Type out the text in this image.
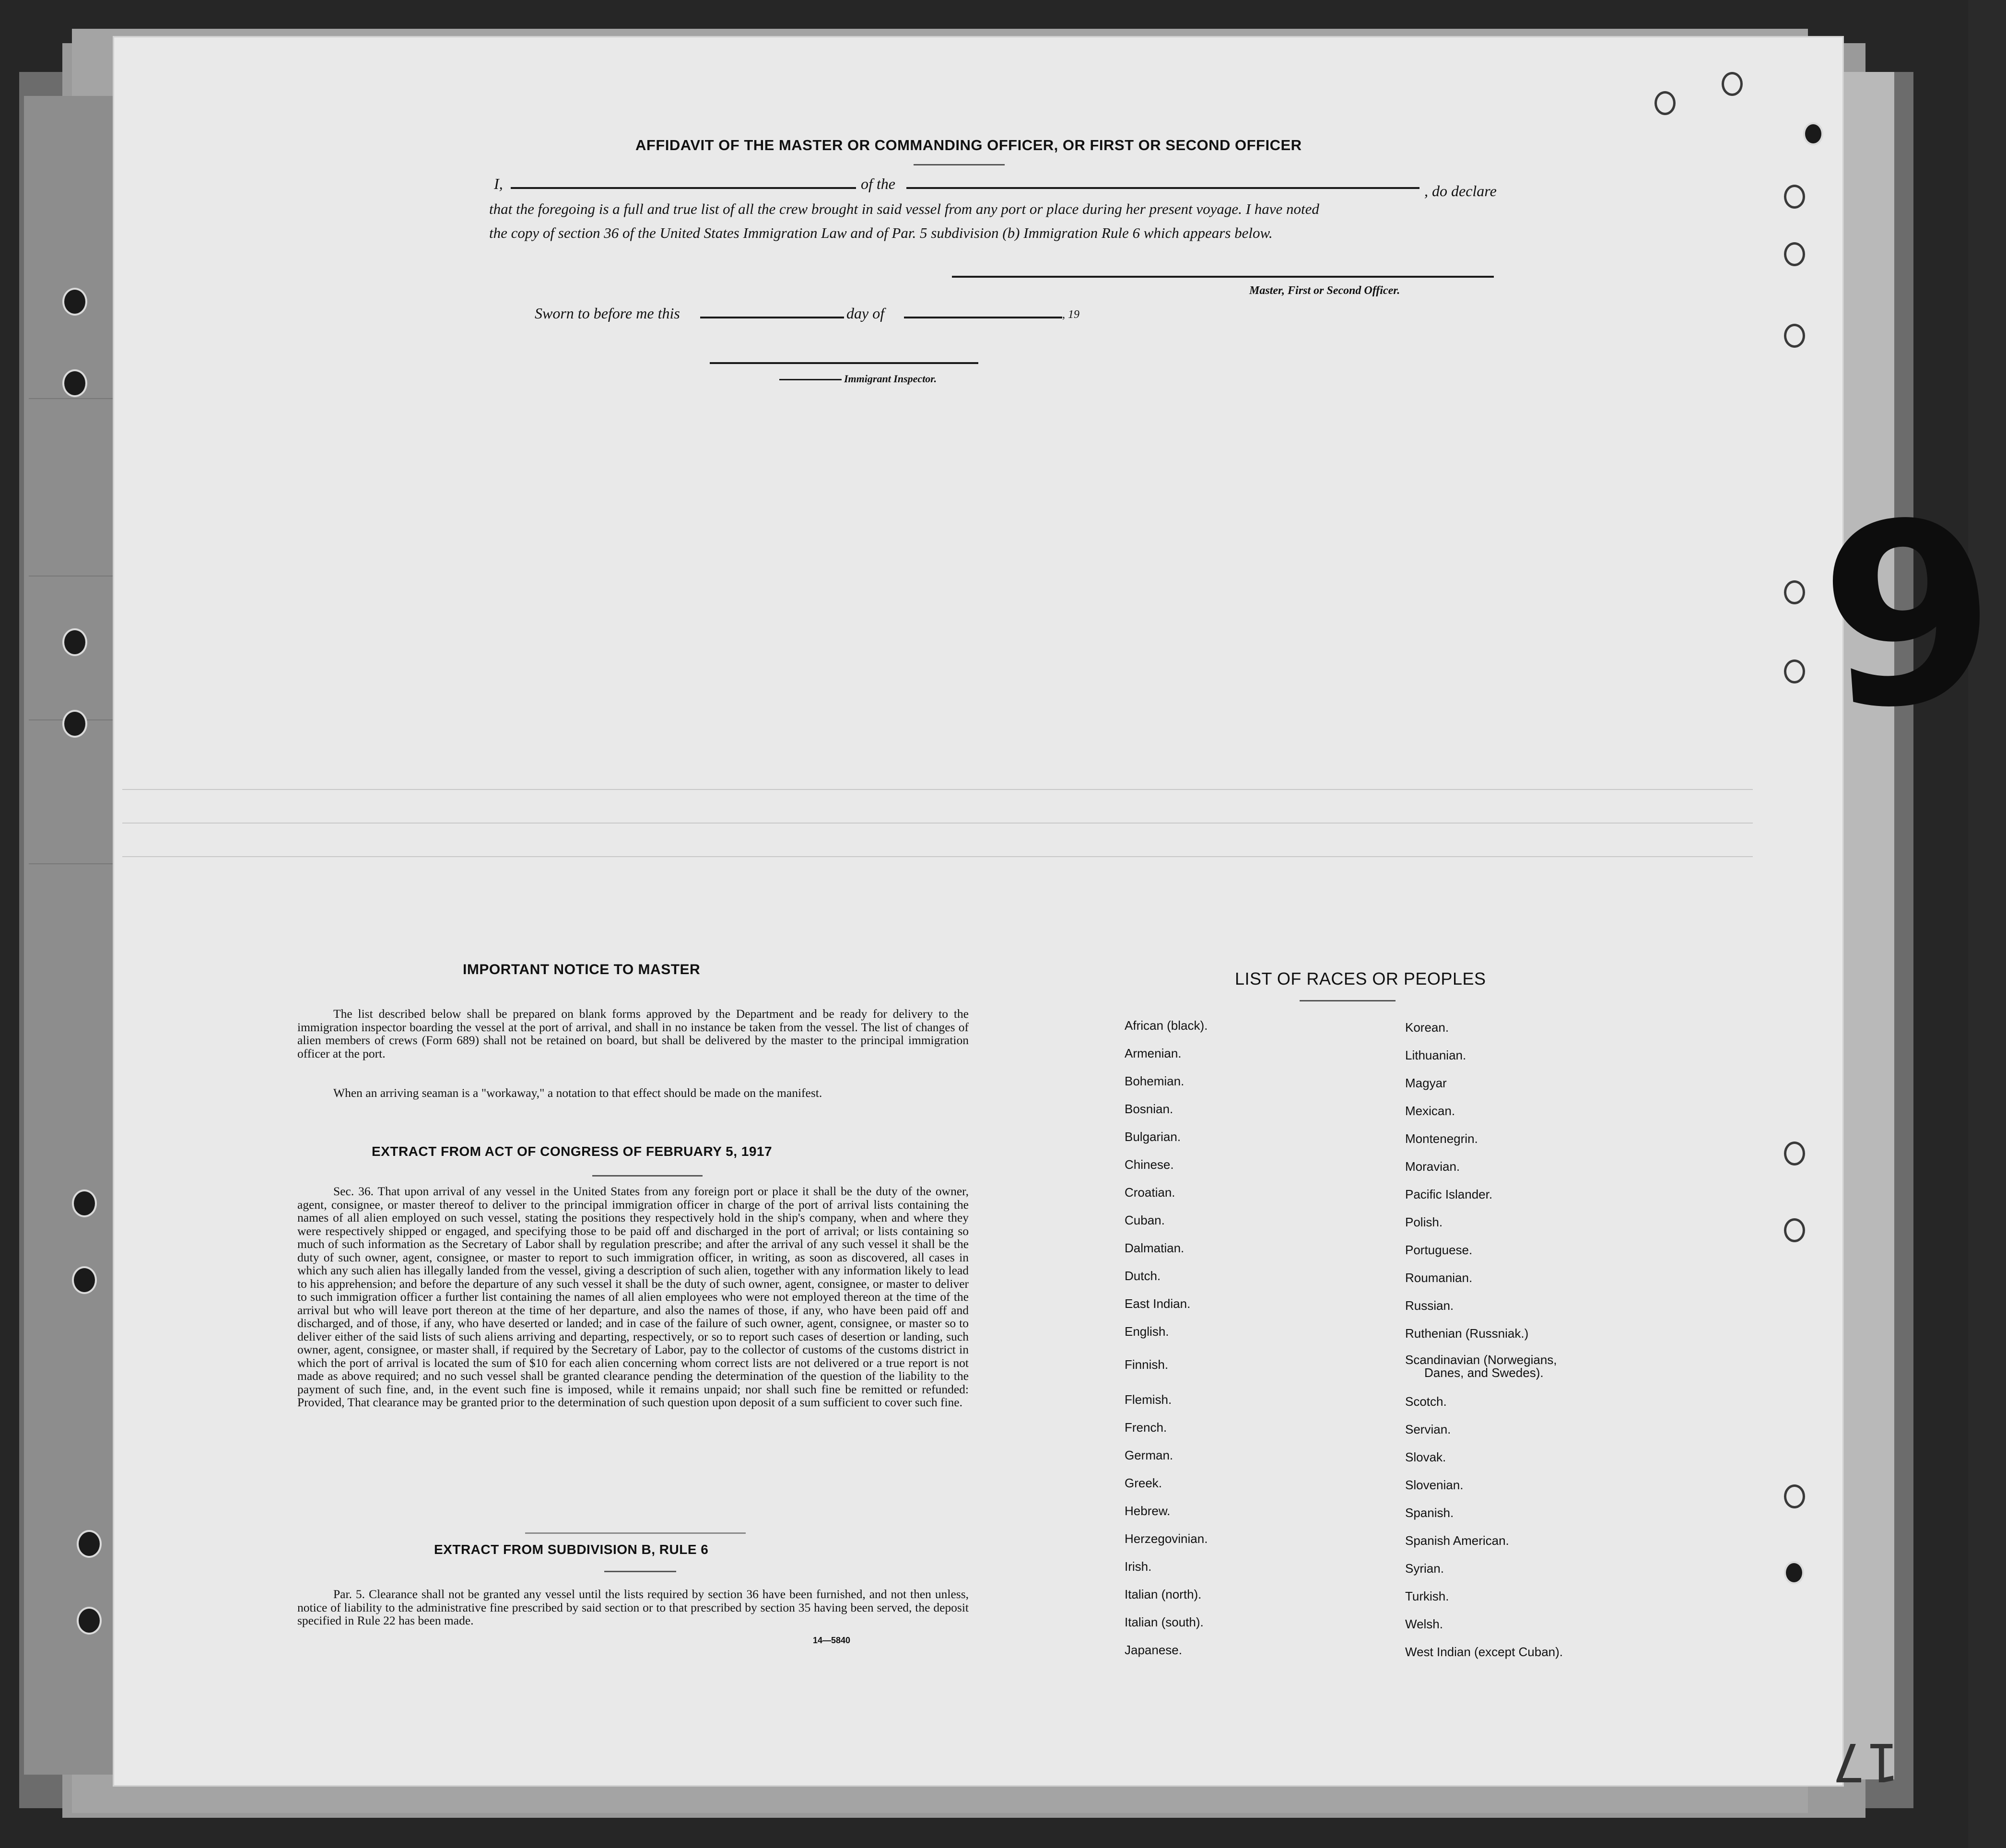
AFFIDAVIT OF THE MASTER OR COMMANDING OFFICER, OR FIRST OR SECOND OFFICER
I,	of the	, do declare
that the foregoing is a full and true list of all the crew brought in said vessel from any port or place during her present voyage. I have noted
the copy of section 36 of the United States Immigration Law and of Par. 5 subdivision (b) Immigration Rule 6 which appears below.
Master, First or Second Officer.
Sworn to before me this	day of	, 19
Immigrant Inspector.
IMPORTANT NOTICE TO MASTER
The list described below shall be prepared on blank forms approved by the Department and be ready for delivery to the immigration inspector boarding the vessel at the port of arrival, and shall in no instance be taken from the vessel. The list of changes of alien members of crews (Form 689) shall not be retained on board, but shall be delivered by the master to the principal immigration officer at the port.
When an arriving seaman is a "workaway," a notation to that effect should be made on the manifest.
EXTRACT FROM ACT OF CONGRESS OF FEBRUARY 5, 1917
Sec. 36. That upon arrival of any vessel in the United States from any foreign port or place it shall be the duty of the owner, agent, consignee, or master thereof to deliver to the principal immigration officer in charge of the port of arrival lists containing the names of all alien employed on such vessel, stating the positions they respectively hold in the ship's company, when and where they were respectively shipped or engaged, and specifying those to be paid off and discharged in the port of arrival; or lists containing so much of such information as the Secretary of Labor shall by regulation prescribe; and after the arrival of any such vessel it shall be the duty of such owner, agent, consignee, or master to report to such immigration officer, in writing, as soon as discovered, all cases in which any such alien has illegally landed from the vessel, giving a description of such alien, together with any information likely to lead to his apprehension; and before the departure of any such vessel it shall be the duty of such owner, agent, consignee, or master to deliver to such immigration officer a further list containing the names of all alien employees who were not employed thereon at the time of the arrival but who will leave port thereon at the time of her departure, and also the names of those, if any, who have been paid off and discharged, and of those, if any, who have deserted or landed; and in case of the failure of such owner, agent, consignee, or master so to deliver either of the said lists of such aliens arriving and departing, respectively, or so to report such cases of desertion or landing, such owner, agent, consignee, or master shall, if required by the Secretary of Labor, pay to the collector of customs of the customs district in which the port of arrival is located the sum of $10 for each alien concerning whom correct lists are not delivered or a true report is not made as above required; and no such vessel shall be granted clearance pending the determination of the question of the liability to the payment of such fine, and, in the event such fine is imposed, while it remains unpaid; nor shall such fine be remitted or refunded: Provided, That clearance may be granted prior to the determination of such question upon deposit of a sum sufficient to cover such fine.
EXTRACT FROM SUBDIVISION B, RULE 6
Par. 5. Clearance shall not be granted any vessel until the lists required by section 36 have been furnished, and not then unless, notice of liability to the administrative fine prescribed by said section or to that prescribed by section 35 having been served, the deposit specified in Rule 22 has been made.
14—5840
LIST OF RACES OR PEOPLES
African (black).
Armenian.
Bohemian.
Bosnian.
Bulgarian.
Chinese.
Croatian.
Cuban.
Dalmatian.
Dutch.
East Indian.
English.
Finnish.
Flemish.
French.
German.
Greek.
Hebrew.
Herzegovinian.
Irish.
Italian (north).
Italian (south).
Japanese.
Korean.
Lithuanian.
Magyar
Mexican.
Montenegrin.
Moravian.
Pacific Islander.
Polish.
Portuguese.
Roumanian.
Russian.
Ruthenian (Russniak.)
Scandinavian (Norwegians,
Danes, and Swedes).
Scotch.
Servian.
Slovak.
Slovenian.
Spanish.
Spanish American.
Syrian.
Turkish.
Welsh.
West Indian (except Cuban).
9
17
